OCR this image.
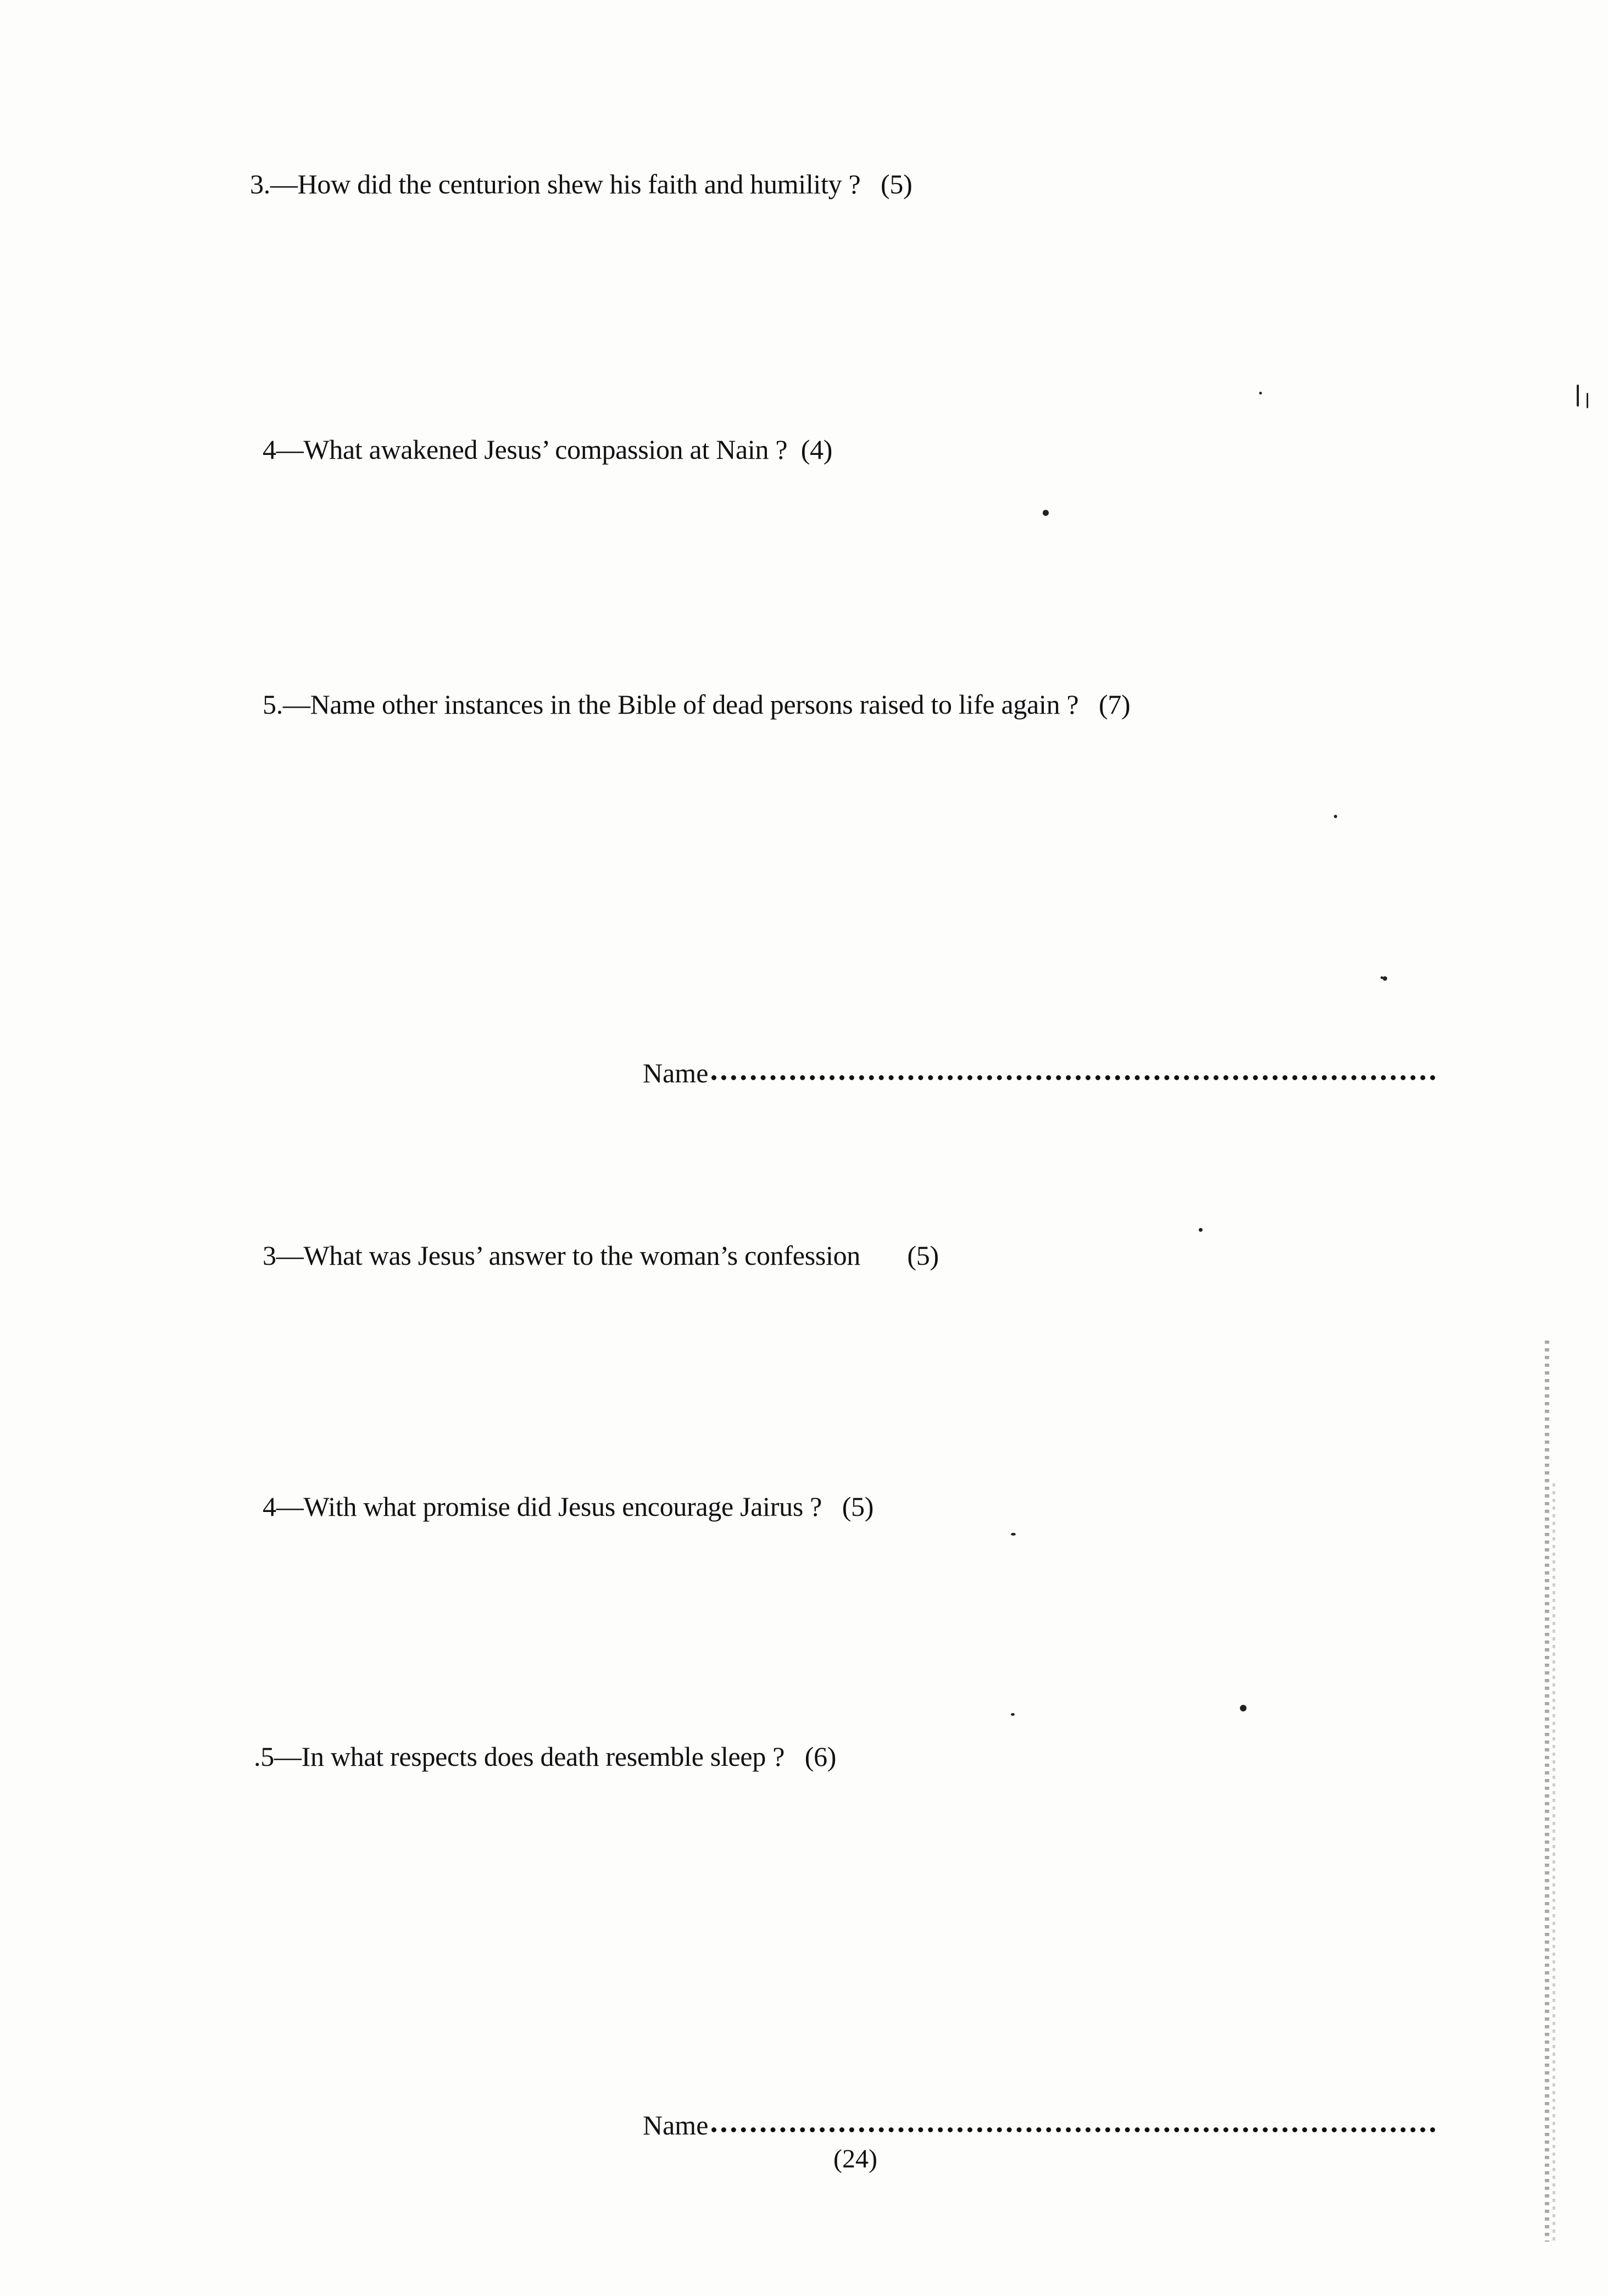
3.—How did the centurion shew his faith and humility ? (5)
4—What awakened Jesus’ compassion at Nain ? (4)
5.—Name other instances in the Bible of dead persons raised to life again ? (7)
Name
3—What was Jesus’ answer to the woman’s confession (5)
4—With what promise did Jesus encourage Jairus ? (5)
.5—In what respects does death resemble sleep ? (6)
Name
(24)
